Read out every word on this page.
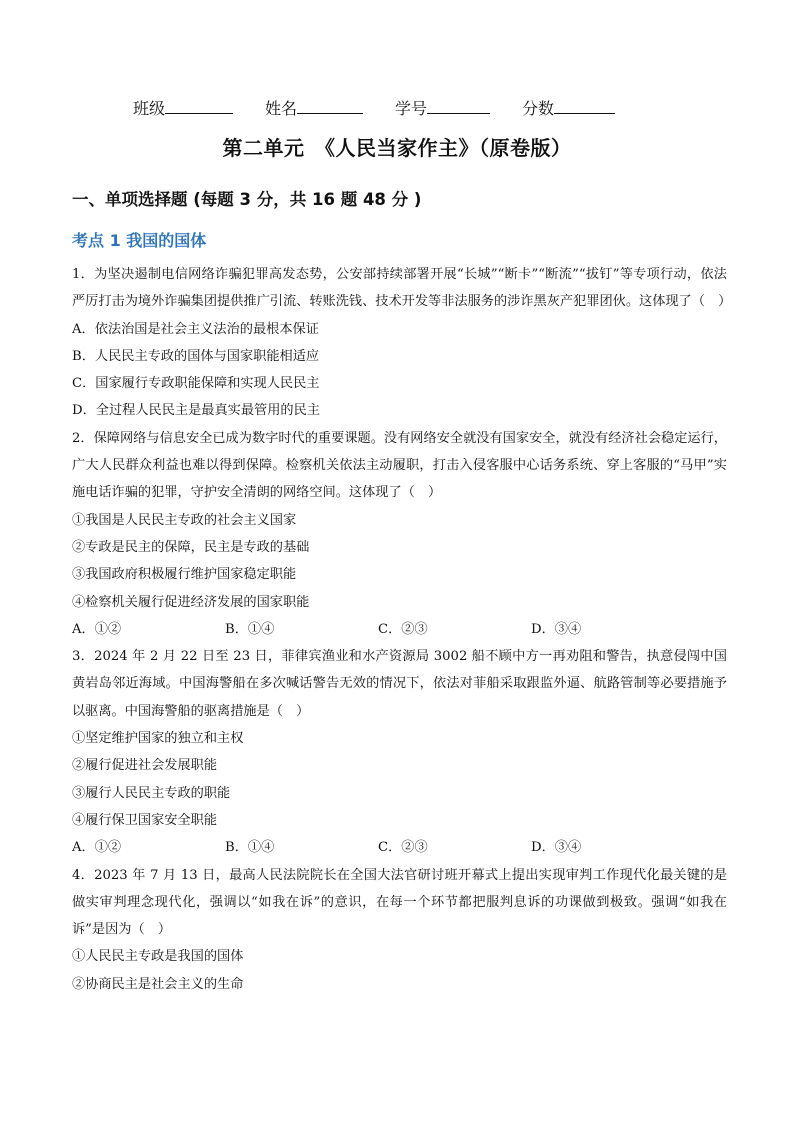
班级	姓名	学号	分数
第二单元　《人民当家作主》（原卷版）
一、单项选择题 (每题 3 分，共 16 题 48 分 )
考点 1 我国的国体

1．为坚决遏制电信网络诈骗犯罪高发态势，公安部持续部署开展“长城”“断卡”“断流”“拔钉”等专项行动，依法严厉打击为境外诈骗集团提供推广引流、转账洗钱、技术开发等非法服务的涉诈黑灰产犯罪团伙。这体现了（　）

A．依法治国是社会主义法治的最根本保证

B．人民民主专政的国体与国家职能相适应

C．国家履行专政职能保障和实现人民民主

D．全过程人民民主是最真实最管用的民主

2．保障网络与信息安全已成为数字时代的重要课题。没有网络安全就没有国家安全，就没有经济社会稳定运行，广大人民群众利益也难以得到保障。检察机关依法主动履职，打击入侵客服中心话务系统、穿上客服的“马甲”实施电话诈骗的犯罪，守护安全清朗的网络空间。这体现了（　）

①我国是人民民主专政的社会主义国家

②专政是民主的保障，民主是专政的基础

③我国政府积极履行维护国家稳定职能

④检察机关履行促进经济发展的国家职能

A．①②	B．①④	C．②③	D．③④

3．2024 年 2 月 22 日至 23 日，菲律宾渔业和水产资源局 3002 船不顾中方一再劝阻和警告，执意侵闯中国黄岩岛邻近海域。中国海警船在多次喊话警告无效的情况下，依法对菲船采取跟监外逼、航路管制等必要措施予以驱离。中国海警船的驱离措施是（　）

①坚定维护国家的独立和主权

②履行促进社会发展职能

③履行人民民主专政的职能

④履行保卫国家安全职能

A．①②	B．①④	C．②③	D．③④

4．2023 年 7 月 13 日，最高人民法院院长在全国大法官研讨班开幕式上提出实现审判工作现代化最关键的是做实审判理念现代化，强调以“如我在诉”的意识，在每一个环节都把服判息诉的功课做到极致。强调“如我在诉”是因为（　）

①人民民主专政是我国的国体

②协商民主是社会主义的生命
